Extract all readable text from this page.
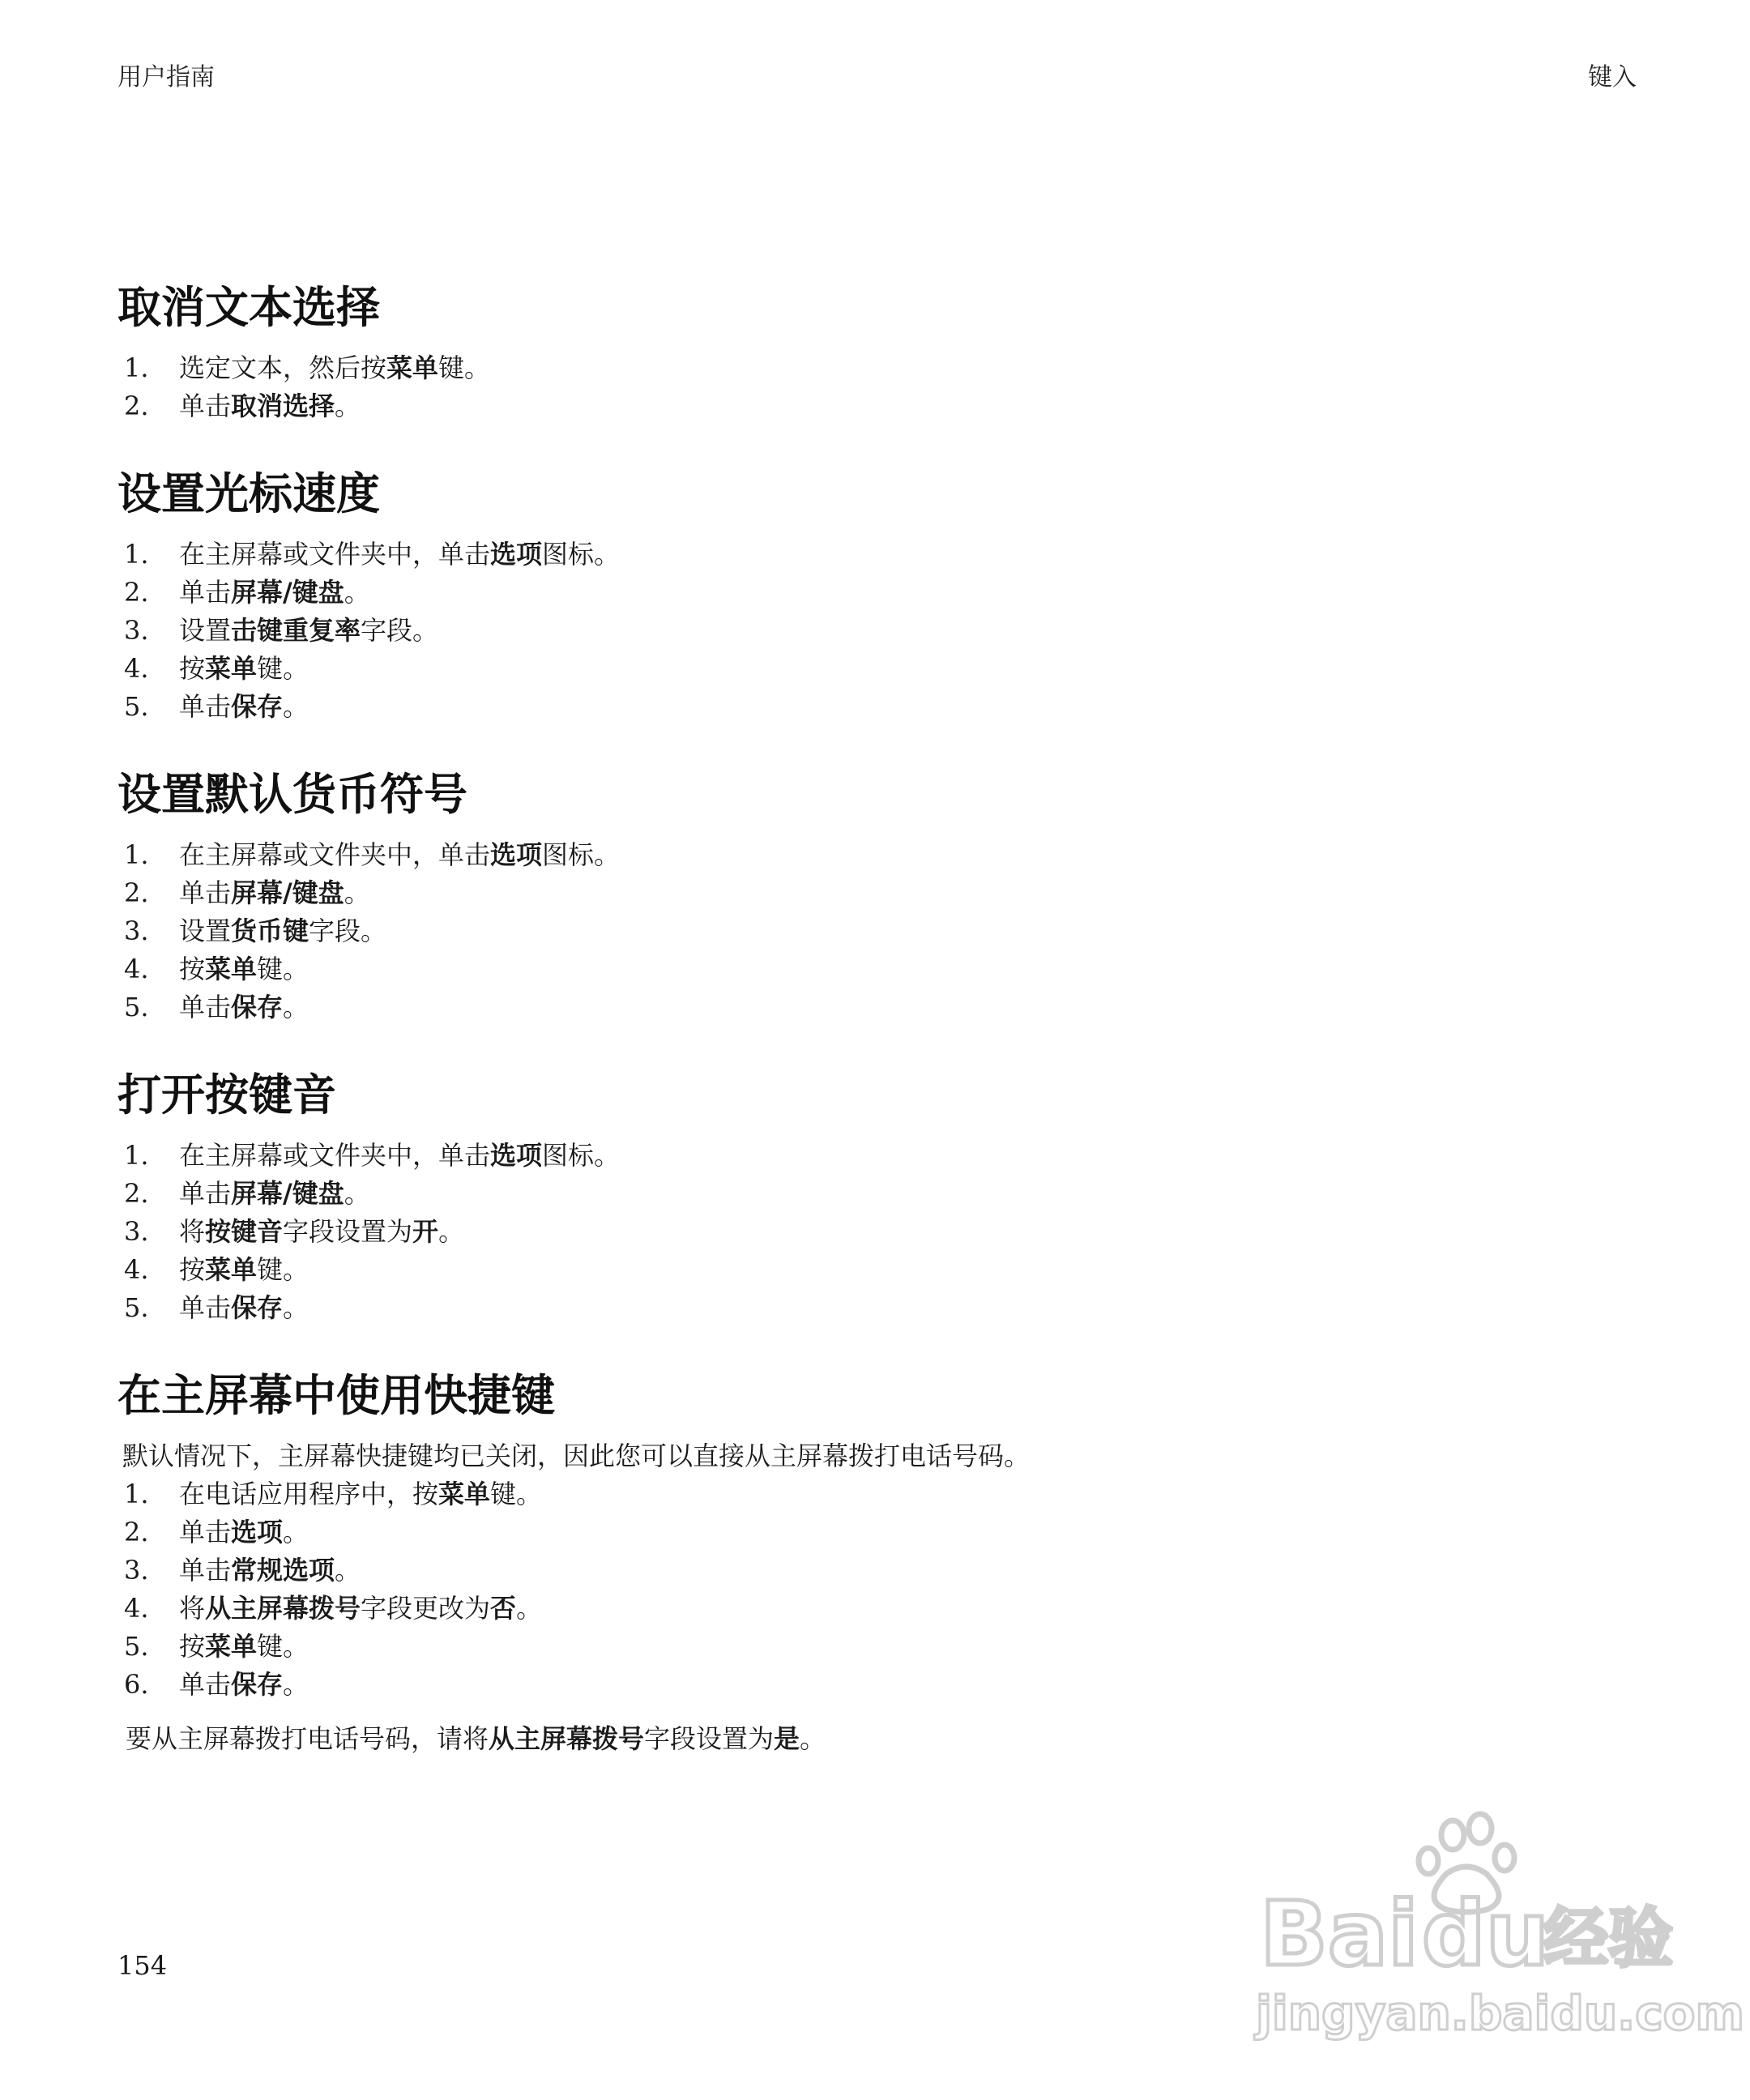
用户指南	键入
取消文本选择
1.	选定文本，然后按菜单键。
2.	单击取消选择。
设置光标速度
1.	在主屏幕或文件夹中，单击选项图标。
2.	单击屏幕/键盘。
3.	设置击键重复率字段。
4.	按菜单键。
5.	单击保存。
设置默认货币符号
1.	在主屏幕或文件夹中，单击选项图标。
2.	单击屏幕/键盘。
3.	设置货币键字段。
4.	按菜单键。
5.	单击保存。
打开按键音
1.	在主屏幕或文件夹中，单击选项图标。
2.	单击屏幕/键盘。
3.	将按键音字段设置为开。
4.	按菜单键。
5.	单击保存。
在主屏幕中使用快捷键

默认情况下，主屏幕快捷键均已关闭，因此您可以直接从主屏幕拨打电话号码。

1.	在电话应用程序中，按菜单键。
2.	单击选项。
3.	单击常规选项。
4.	将从主屏幕拨号字段更改为否。
5.	按菜单键。
6.	单击保存。

要从主屏幕拨打电话号码，请将从主屏幕拨号字段设置为是。

154	Bai du
经验
jingyan.baidu.com
